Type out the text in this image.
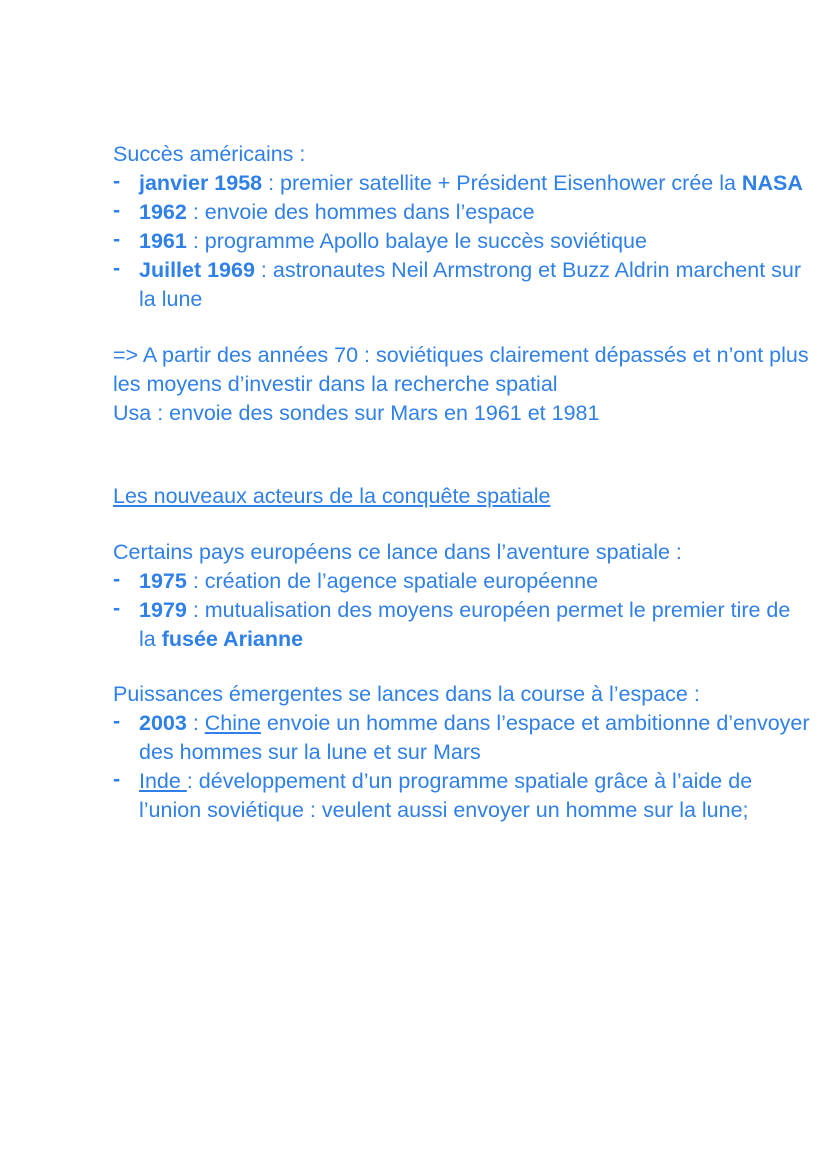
Succès américains :

- janvier 1958 : premier satellite + Président Eisenhower crée la NASA
- 1962 : envoie des hommes dans l’espace
- 1961 : programme Apollo balaye le succès soviétique
- Juillet 1969 : astronautes Neil Armstrong et Buzz Aldrin marchent sur la lune

=> A partir des années 70 : soviétiques clairement dépassés et n’ont plus les moyens d’investir dans la recherche spatial

Usa : envoie des sondes sur Mars en 1961 et 1981

Les nouveaux acteurs de la conquête spatiale

Certains pays européens ce lance dans l’aventure spatiale :

- 1975 : création de l’agence spatiale européenne
- 1979 : mutualisation des moyens européen permet le premier tire de la fusée Arianne

Puissances émergentes se lances dans la course à l’espace :

- 2003 : Chine envoie un homme dans l’espace et ambitionne d’envoyer des hommes sur la lune et sur Mars
- Inde : développement d’un programme spatiale grâce à l’aide de l’union soviétique : veulent aussi envoyer un homme sur la lune;
